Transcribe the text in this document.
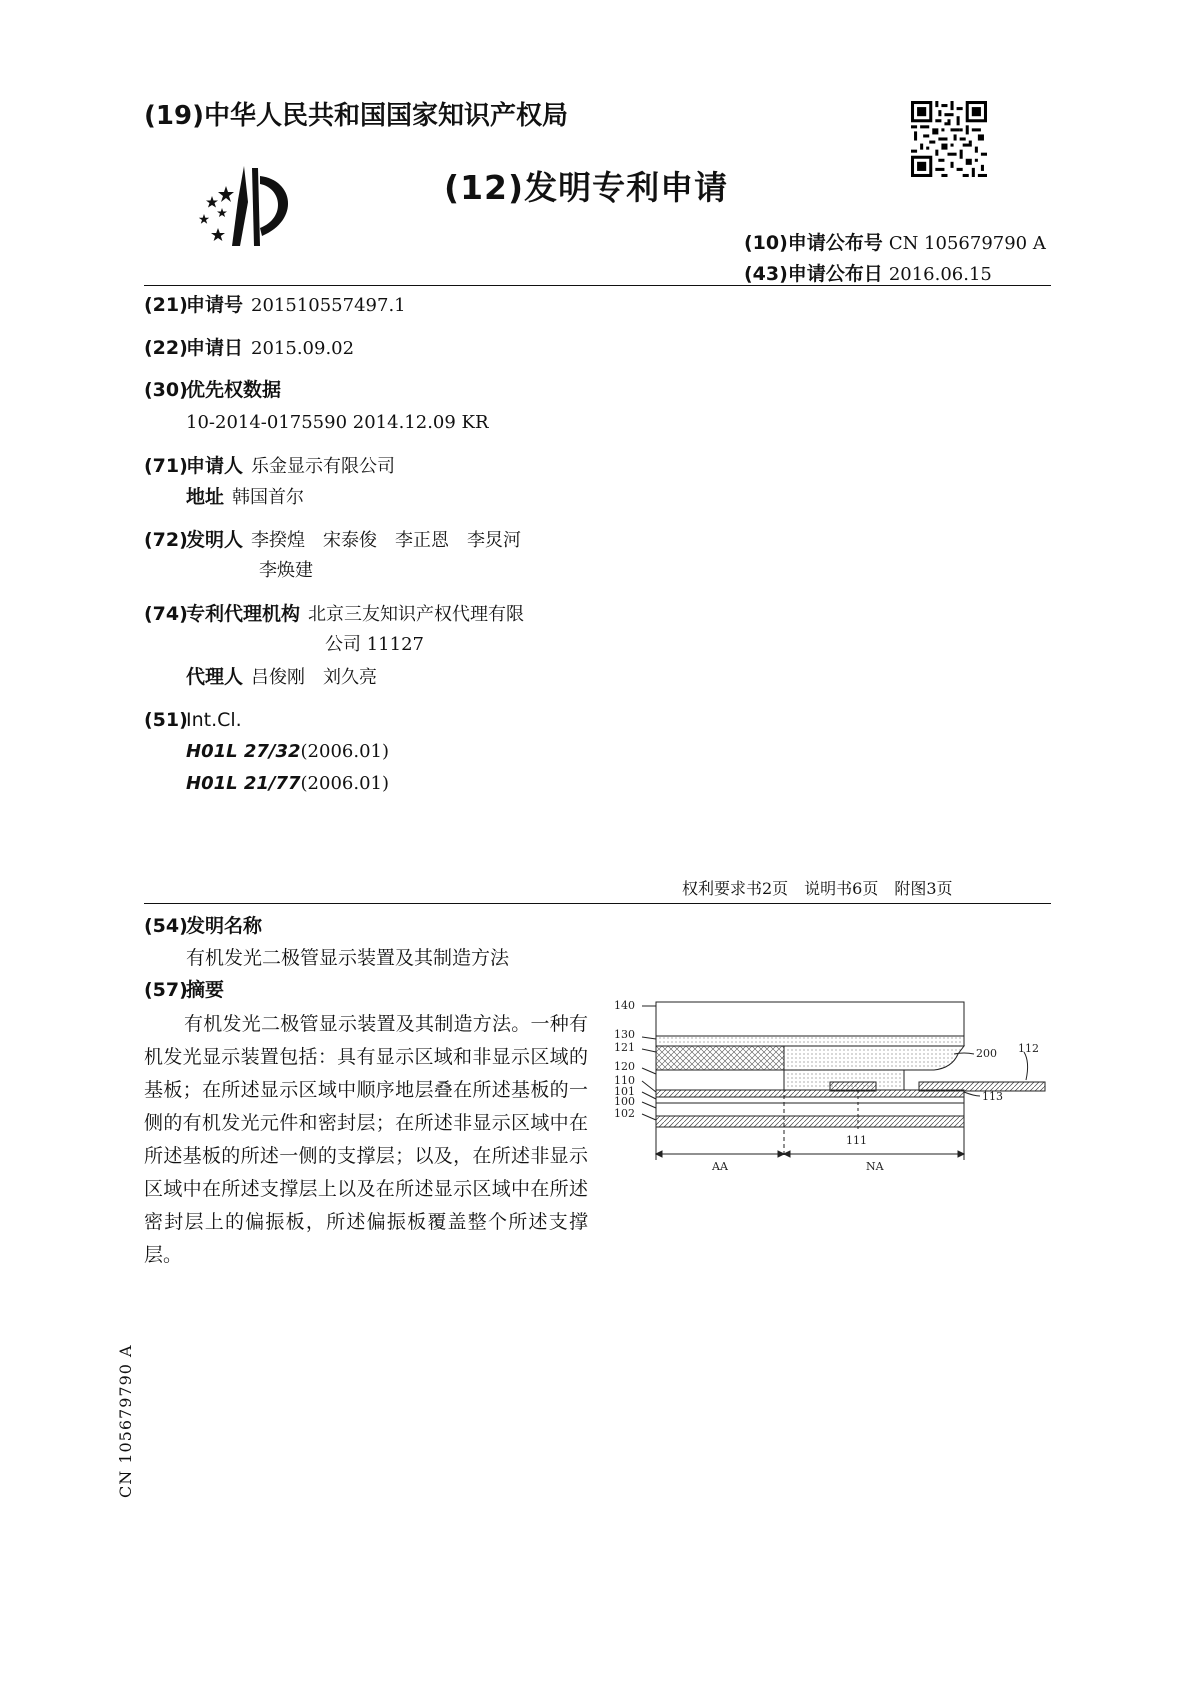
(19)中华人民共和国国家知识产权局
(12)发明专利申请
(10)申请公布号 CN 105679790 A
(43)申请公布日 2016.06.15
(21)申请号 201510557497.1
(22)申请日 2015.09.02
(30)优先权数据
10-2014-0175590 2014.12.09 KR
(71)申请人 乐金显示有限公司
地址 韩国首尔
(72)发明人 李揆煌　宋泰俊　李正恩　李炅河
李焕建
(74)专利代理机构 北京三友知识产权代理有限
公司 11127
代理人 吕俊刚　刘久亮
(51)Int.Cl.
H01L 27/32(2006.01)
H01L 21/77(2006.01)
权利要求书2页　说明书6页　附图3页
(54)发明名称
有机发光二极管显示装置及其制造方法
(57)摘要
有机发光二极管显示装置及其制造方法。一种有机发光显示装置包括：具有显示区域和非显示区域的基板；在所述显示区域中顺序地层叠在所述基板的一侧的有机发光元件和密封层；在所述非显示区域中在所述基板的所述一侧的支撑层；以及，在所述非显示区域中在所述支撑层上以及在所述显示区域中在所述密封层上的偏振板，所述偏振板覆盖整个所述支撑层。
140
130
121
120
110
101
100
102
200 112
113
111
AA	NA
CN 105679790 A
